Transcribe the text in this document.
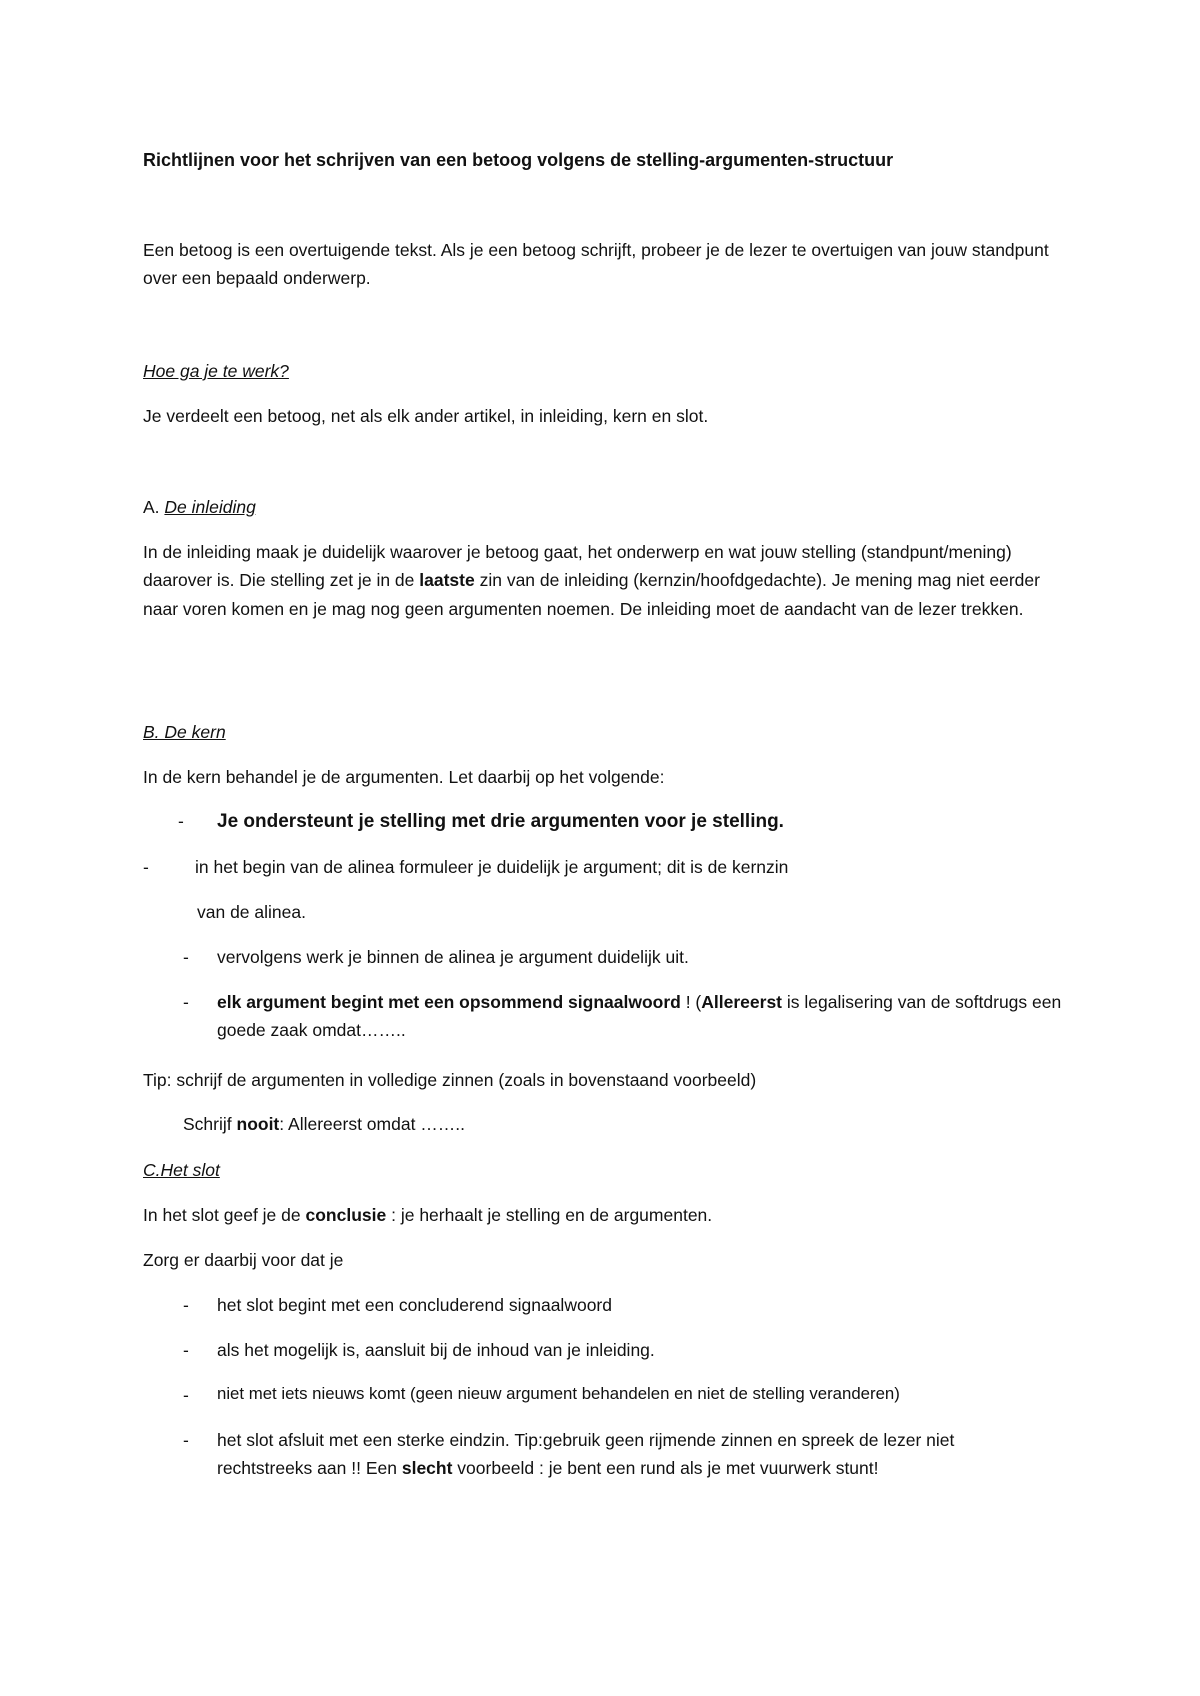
Richtlijnen voor het schrijven van een betoog volgens de stelling-argumenten-structuur

Een betoog is een overtuigende tekst. Als je een betoog schrijft, probeer je de lezer te overtuigen van jouw standpunt over een bepaald onderwerp.

Hoe ga je te werk?

Je verdeelt een betoog, net als elk ander artikel, in inleiding, kern en slot.

A. De inleiding

In de inleiding maak je duidelijk waarover je betoog gaat, het onderwerp en wat jouw stelling (standpunt/mening) daarover is. Die stelling zet je in de laatste zin van de inleiding (kernzin/hoofdgedachte). Je mening mag niet eerder naar voren komen en je mag nog geen argumenten noemen. De inleiding moet de aandacht van de lezer trekken.

B. De kern

In de kern behandel je de argumenten. Let daarbij op het volgende:

- Je ondersteunt je stelling met drie argumenten voor je stelling.
-	in het begin van de alinea formuleer je duidelijk je argument; dit is de kernzin

van de alinea.

- vervolgens werk je binnen de alinea je argument duidelijk uit.
- elk argument begint met een opsommend signaalwoord ! (Allereerst is legalisering van de softdrugs een goede zaak omdat……..

Tip: schrijf de argumenten in volledige zinnen (zoals in bovenstaand voorbeeld)

Schrijf nooit: Allereerst omdat ……..

C.Het slot

In het slot geef je de conclusie : je herhaalt je stelling en de argumenten.

Zorg er daarbij voor dat je

- het slot begint met een concluderend signaalwoord
- als het mogelijk is, aansluit bij de inhoud van je inleiding.
- niet met iets nieuws komt (geen nieuw argument behandelen en niet de stelling veranderen)
- het slot afsluit met een sterke eindzin. Tip:gebruik geen rijmende zinnen en spreek de lezer niet rechtstreeks aan !! Een slecht voorbeeld : je bent een rund als je met vuurwerk stunt!
